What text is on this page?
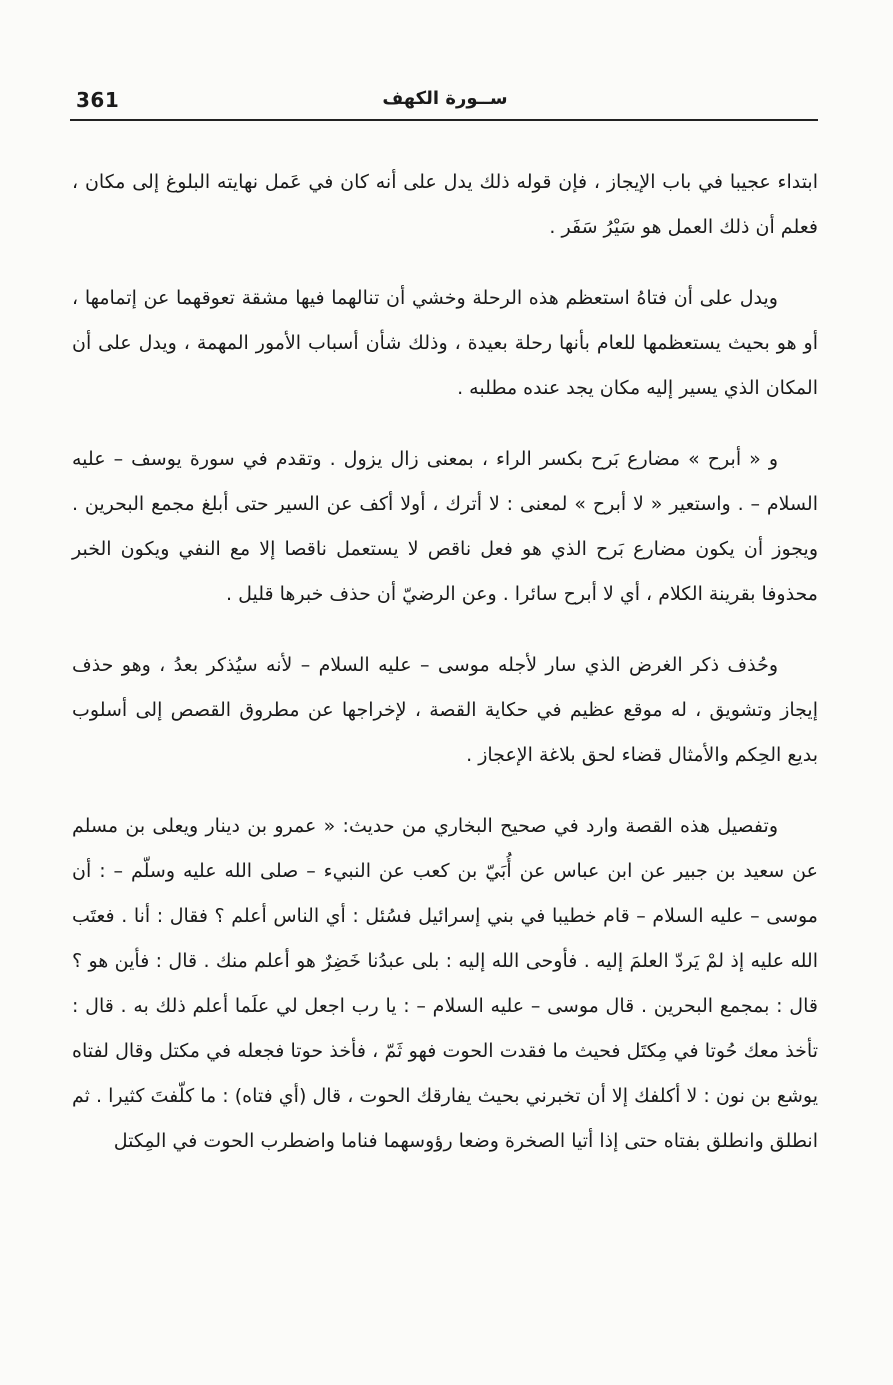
361	ســورة الكهف

ابتداء عجيبا في باب الإيجاز ، فإن قوله ذلك يدل على أنه كان في عَمل نهايته البلوغ إلى مكان ، فعلم أن ذلك العمل هو سَيْرُ سَفَر .

ويدل على أن فتاهُ استعظم هذه الرحلة وخشي أن تنالهما فيها مشقة تعوقهما عن إتمامها ، أو هو بحيث يستعظمها للعام بأنها رحلة بعيدة ، وذلك شأن أسباب الأمور المهمة ، ويدل على أن المكان الذي يسير إليه مكان يجد عنده مطلبه .

و « أبرح » مضارع بَرح بكسر الراء ، بمعنى زال يزول . وتقدم في سورة يوسف – عليه السلام – . واستعير « لا أبرح » لمعنى : لا أترك ، أولا أكف عن السير حتى أبلغ مجمع البحرين . ويجوز أن يكون مضارع بَرح الذي هو فعل ناقص لا يستعمل ناقصا إلا مع النفي ويكون الخبر محذوفا بقرينة الكلام ، أي لا أبرح سائرا . وعن الرضيّ أن حذف خبرها قليل .

وحُذف ذكر الغرض الذي سار لأجله موسى – عليه السلام – لأنه سيُذكر بعدُ ، وهو حذف إيجاز وتشويق ، له موقع عظيم في حكاية القصة ، لإخراجها عن مطروق القصص إلى أسلوب بديع الحِكم والأمثال قضاء لحق بلاغة الإعجاز .

وتفصيل هذه القصة وارد في صحيح البخاري من حديث: « عمرو بن دينار ويعلى بن مسلم عن سعيد بن جبير عن ابن عباس عن أُبَيّ بن كعب عن النبيء – صلى الله عليه وسلّم – : أن موسى – عليه السلام – قام خطيبا في بني إسرائيل فسُئل : أي الناس أعلم ؟ فقال : أنا . فعتَب الله عليه إذ لمْ يَردّ العلمَ إليه . فأوحى الله إليه : بلى عبدُنا خَضِرٌ هو أعلم منك . قال : فأين هو ؟ قال : بمجمع البحرين . قال موسى – عليه السلام – : يا رب اجعل لي علَما أعلم ذلك به . قال : تأخذ معك حُوتا في مِكتَل فحيث ما فقدت الحوت فهو ثَمّ ، فأخذ حوتا فجعله في مكتل وقال لفتاه يوشع بن نون : لا أكلفك إلا أن تخبرني بحيث يفارقك الحوت ، قال (أي فتاه) : ما كلّفتَ كثيرا . ثم انطلق وانطلق بفتاه حتى إذا أتيا الصخرة وضعا رؤوسهما فناما واضطرب الحوت في المِكتل
